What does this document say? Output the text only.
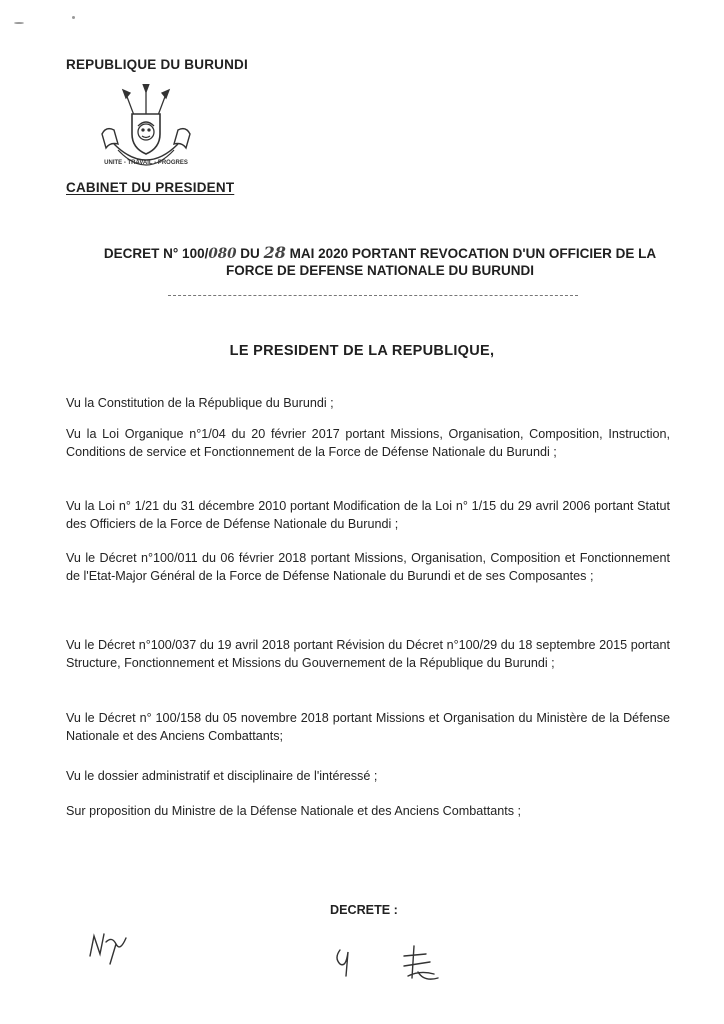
REPUBLIQUE DU BURUNDI
UNITE - TRAVAIL - PROGRES
CABINET DU PRESIDENT
DECRET N° 100/080 DU 28 MAI 2020 PORTANT REVOCATION D'UN OFFICIER DE LA
FORCE DE DEFENSE NATIONALE DU BURUNDI
LE PRESIDENT DE LA REPUBLIQUE,
Vu la Constitution de la République du Burundi ;
Vu la Loi Organique n°1/04 du 20 février 2017 portant Missions, Organisation, Composition, Instruction, Conditions de service et Fonctionnement de la Force de Défense Nationale du Burundi ;
Vu la Loi n° 1/21 du 31 décembre 2010 portant Modification de la Loi n° 1/15 du 29 avril 2006 portant Statut des Officiers de la Force de Défense Nationale du Burundi ;
Vu le Décret n°100/011 du 06 février 2018 portant Missions, Organisation, Composition et Fonctionnement de l'Etat-Major Général de la Force de Défense Nationale du Burundi et de ses Composantes ;
Vu le Décret n°100/037 du 19 avril 2018 portant Révision du Décret n°100/29 du 18 septembre 2015 portant Structure, Fonctionnement et Missions du Gouvernement de la République du Burundi ;
Vu le Décret n° 100/158 du 05 novembre 2018 portant Missions et Organisation du Ministère de la Défense Nationale et des Anciens Combattants;
Vu le dossier administratif et disciplinaire de l'intéressé ;
Sur proposition du Ministre de la Défense Nationale et des Anciens Combattants ;
DECRETE :
